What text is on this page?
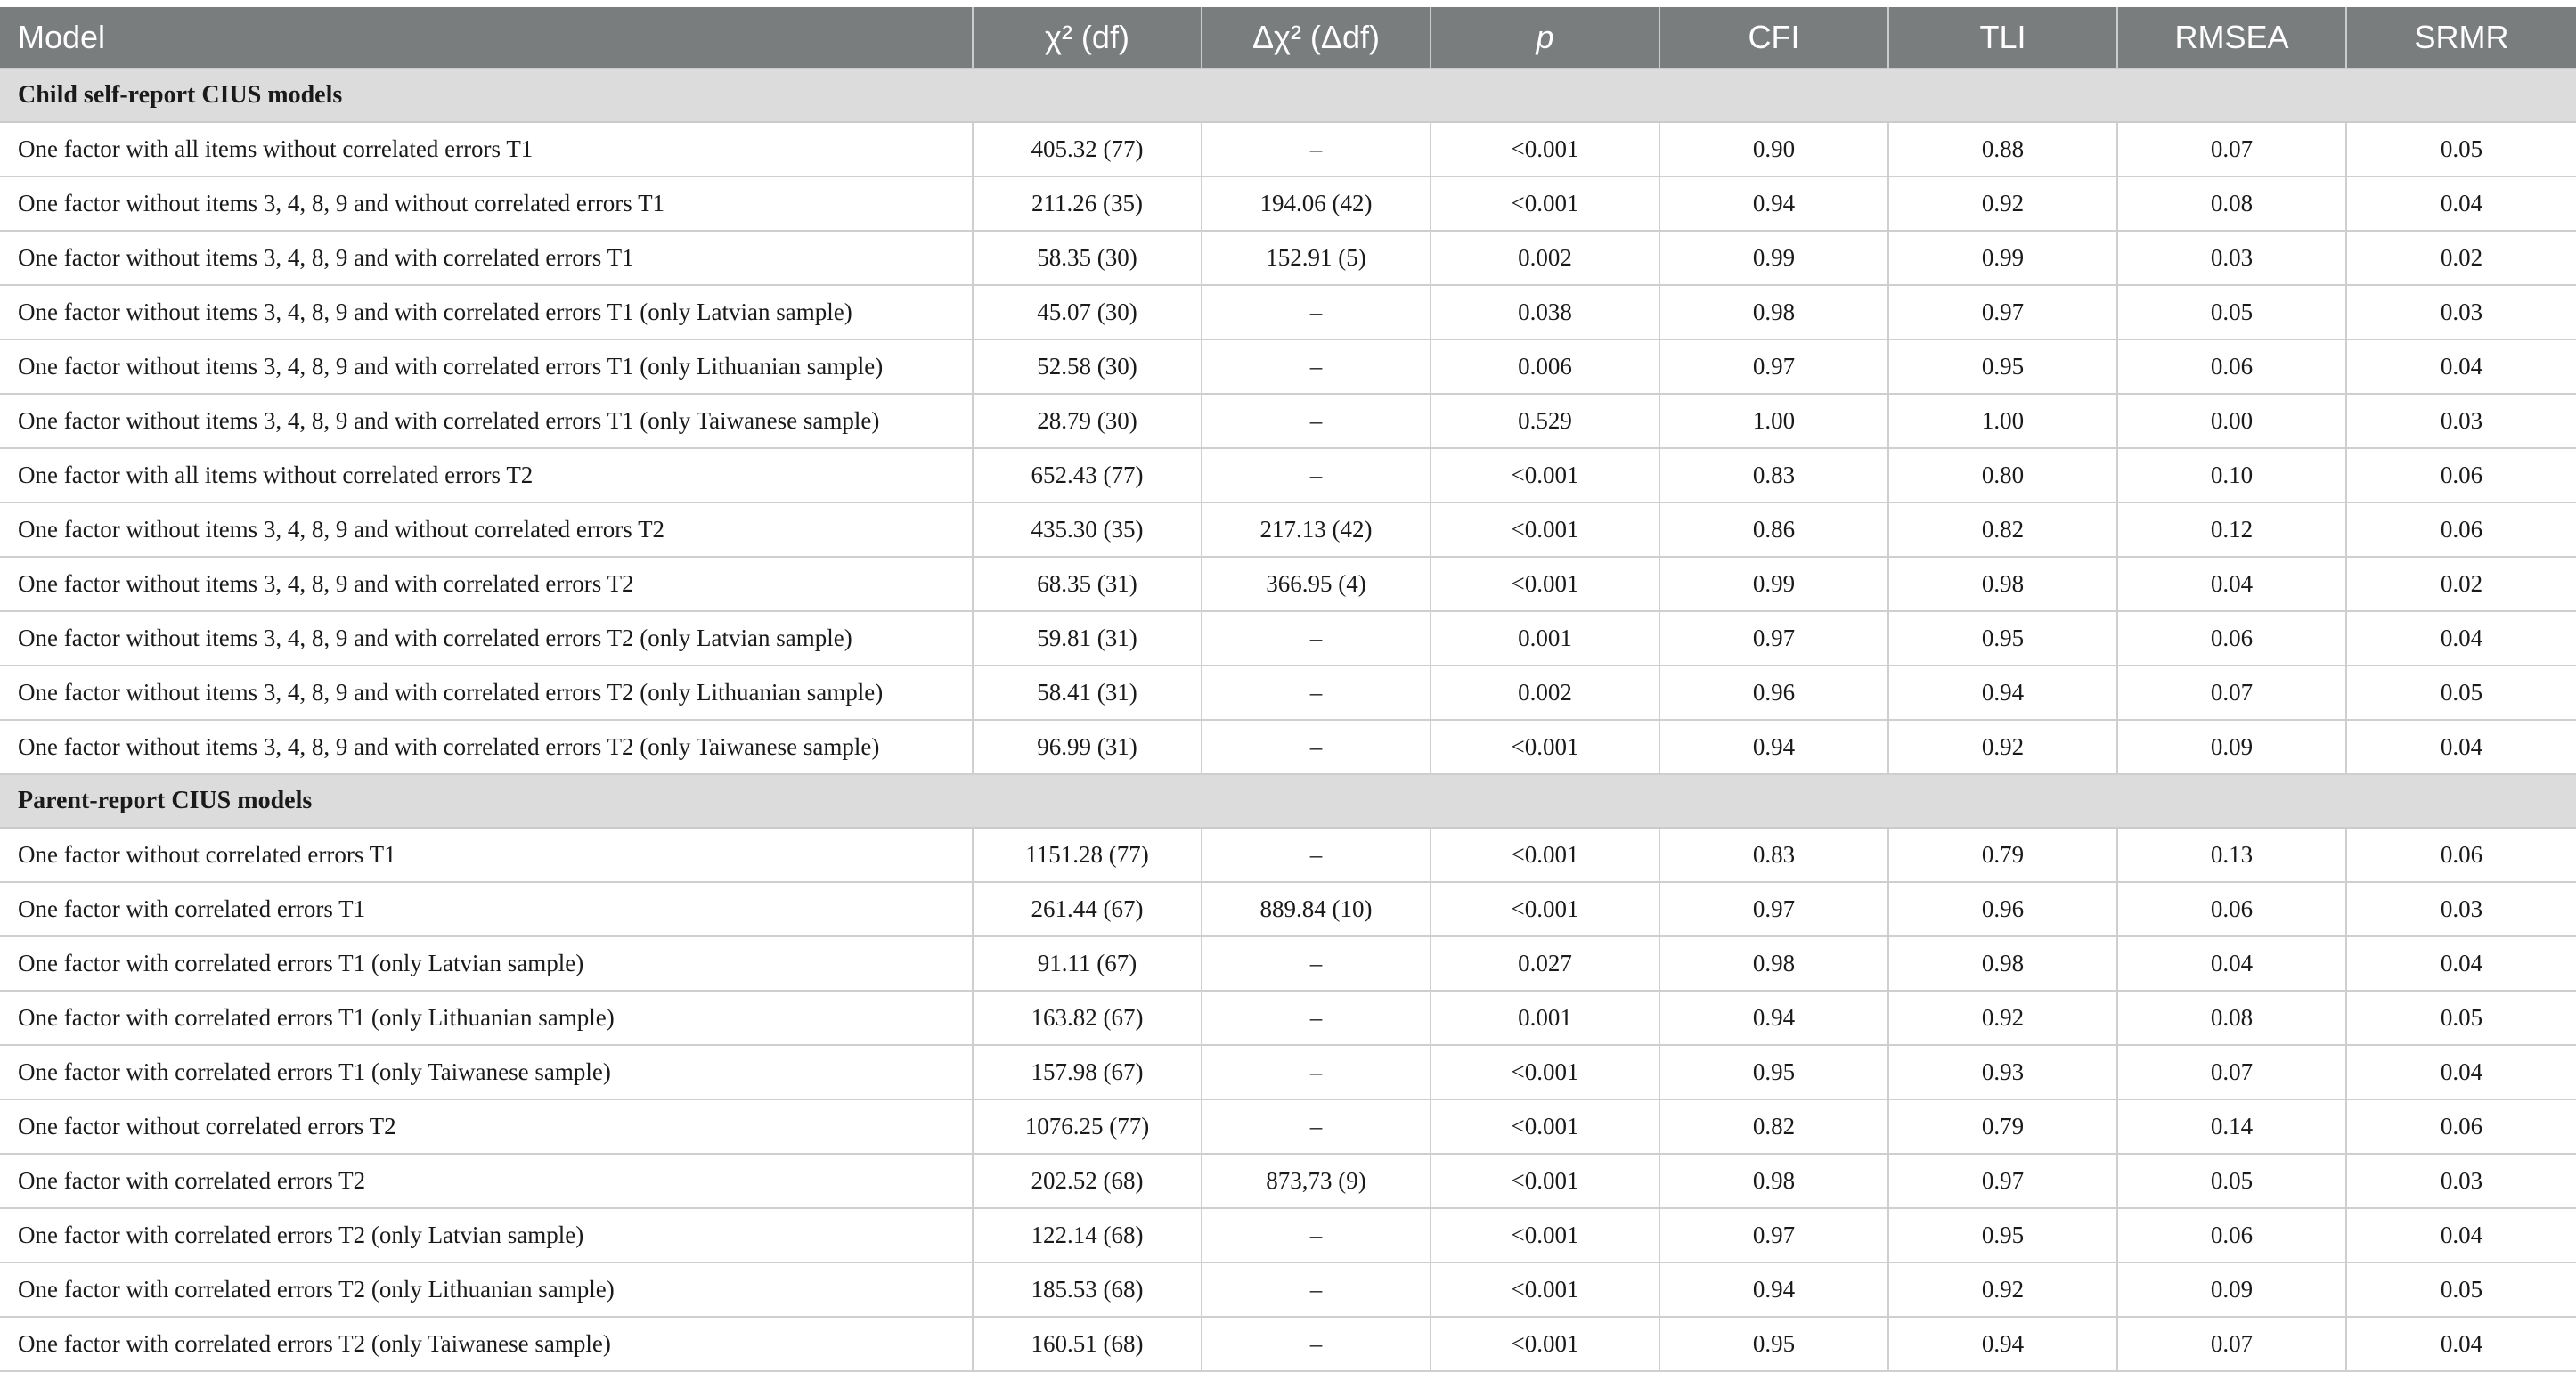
Model	χ² (df)	Δχ² (Δdf)	p	CFI	TLI	RMSEA	SRMR
Child self-report CIUS models							
One factor with all items without correlated errors T1	405.32 (77)	–	<0.001	0.90	0.88	0.07	0.05
One factor without items 3, 4, 8, 9 and without correlated errors T1	211.26 (35)	194.06 (42)	<0.001	0.94	0.92	0.08	0.04
One factor without items 3, 4, 8, 9 and with correlated errors T1	58.35 (30)	152.91 (5)	0.002	0.99	0.99	0.03	0.02
One factor without items 3, 4, 8, 9 and with correlated errors T1 (only Latvian sample)	45.07 (30)	–	0.038	0.98	0.97	0.05	0.03
One factor without items 3, 4, 8, 9 and with correlated errors T1 (only Lithuanian sample)	52.58 (30)	–	0.006	0.97	0.95	0.06	0.04
One factor without items 3, 4, 8, 9 and with correlated errors T1 (only Taiwanese sample)	28.79 (30)	–	0.529	1.00	1.00	0.00	0.03
One factor with all items without correlated errors T2	652.43 (77)	–	<0.001	0.83	0.80	0.10	0.06
One factor without items 3, 4, 8, 9 and without correlated errors T2	435.30 (35)	217.13 (42)	<0.001	0.86	0.82	0.12	0.06
One factor without items 3, 4, 8, 9 and with correlated errors T2	68.35 (31)	366.95 (4)	<0.001	0.99	0.98	0.04	0.02
One factor without items 3, 4, 8, 9 and with correlated errors T2 (only Latvian sample)	59.81 (31)	–	0.001	0.97	0.95	0.06	0.04
One factor without items 3, 4, 8, 9 and with correlated errors T2 (only Lithuanian sample)	58.41 (31)	–	0.002	0.96	0.94	0.07	0.05
One factor without items 3, 4, 8, 9 and with correlated errors T2 (only Taiwanese sample)	96.99 (31)	–	<0.001	0.94	0.92	0.09	0.04
Parent-report CIUS models							
One factor without correlated errors T1	1151.28 (77)	–	<0.001	0.83	0.79	0.13	0.06
One factor with correlated errors T1	261.44 (67)	889.84 (10)	<0.001	0.97	0.96	0.06	0.03
One factor with correlated errors T1 (only Latvian sample)	91.11 (67)	–	0.027	0.98	0.98	0.04	0.04
One factor with correlated errors T1 (only Lithuanian sample)	163.82 (67)	–	0.001	0.94	0.92	0.08	0.05
One factor with correlated errors T1 (only Taiwanese sample)	157.98 (67)	–	<0.001	0.95	0.93	0.07	0.04
One factor without correlated errors T2	1076.25 (77)	–	<0.001	0.82	0.79	0.14	0.06
One factor with correlated errors T2	202.52 (68)	873,73 (9)	<0.001	0.98	0.97	0.05	0.03
One factor with correlated errors T2 (only Latvian sample)	122.14 (68)	–	<0.001	0.97	0.95	0.06	0.04
One factor with correlated errors T2 (only Lithuanian sample)	185.53 (68)	–	<0.001	0.94	0.92	0.09	0.05
One factor with correlated errors T2 (only Taiwanese sample)	160.51 (68)	–	<0.001	0.95	0.94	0.07	0.04
